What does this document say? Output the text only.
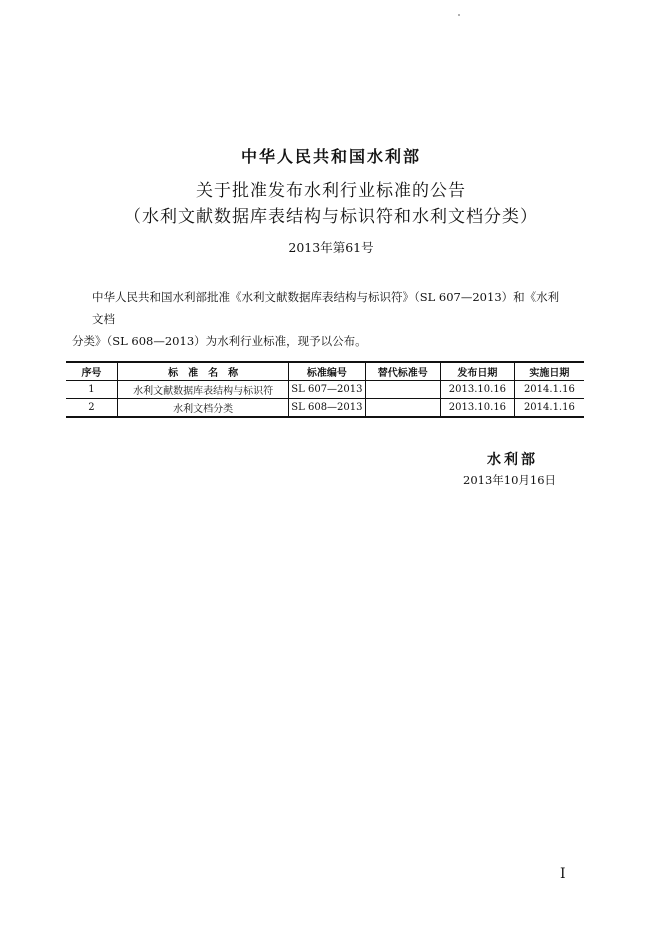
中华人民共和国水利部
关于批准发布水利行业标准的公告
（水利文献数据库表结构与标识符和水利文档分类）
2013年第61号

中华人民共和国水利部批准《水利文献数据库表结构与标识符》（SL 607—2013）和《水利文档

分类》（SL 608—2013）为水利行业标准，现予以公布。

序号	标　准　名　称	标准编号	替代标准号	发布日期	实施日期
1	水利文献数据库表结构与标识符	SL 607—2013		2013.10.16	2014.1.16
2	水利文档分类	SL 608—2013		2013.10.16	2014.1.16
水利部
2013年10月16日
I
